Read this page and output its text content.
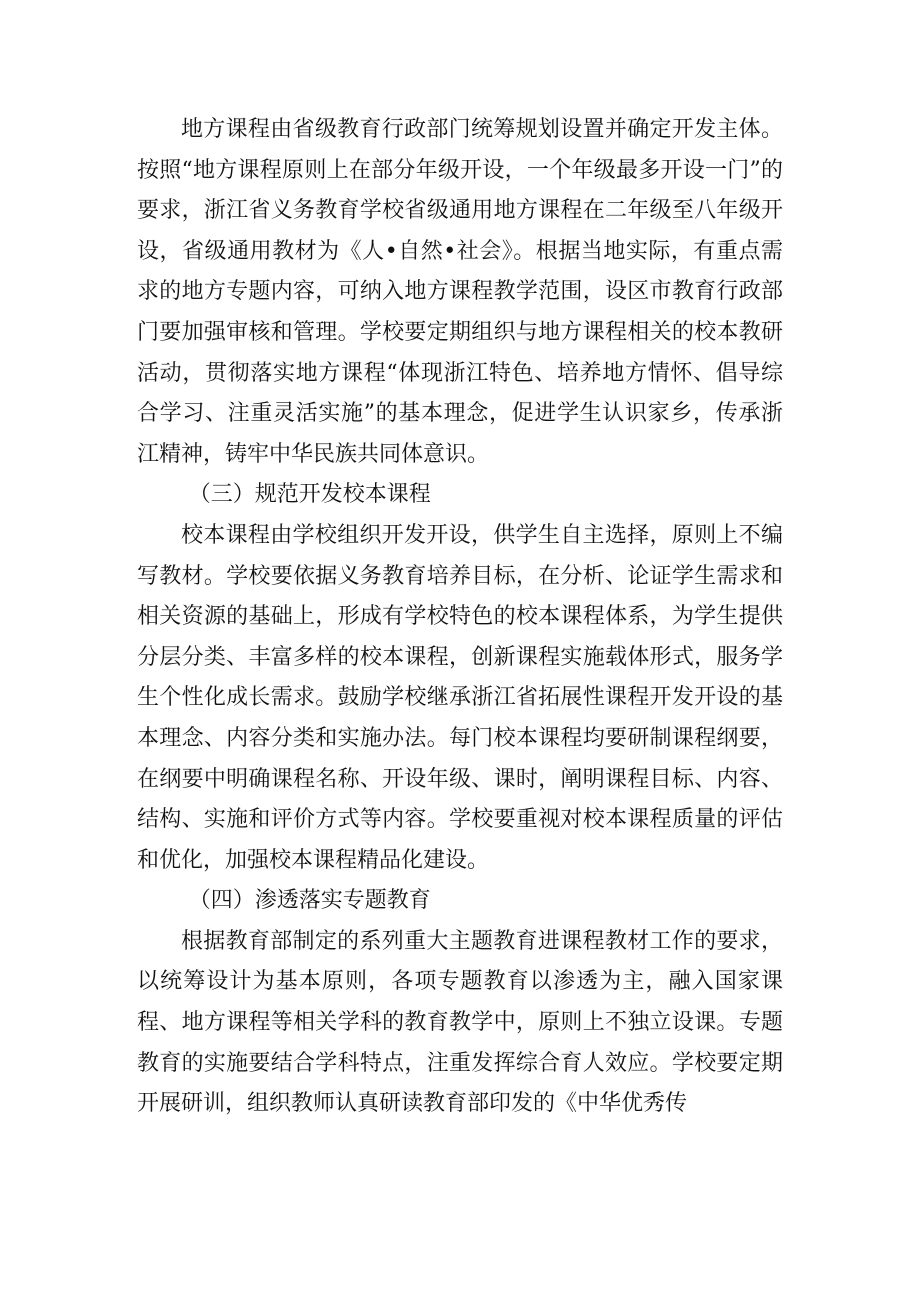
地方课程由省级教育行政部门统筹规划设置并确定开发主体。按照“地方课程原则上在部分年级开设，一个年级最多开设一门”的要求，浙江省义务教育学校省级通用地方课程在二年级至八年级开设，省级通用教材为《人•自然•社会》。根据当地实际，有重点需求的地方专题内容，可纳入地方课程教学范围，设区市教育行政部门要加强审核和管理。学校要定期组织与地方课程相关的校本教研活动，贯彻落实地方课程“体现浙江特色、培养地方情怀、倡导综合学习、注重灵活实施”的基本理念，促进学生认识家乡，传承浙江精神，铸牢中华民族共同体意识。

（三）规范开发校本课程

校本课程由学校组织开发开设，供学生自主选择，原则上不编写教材。学校要依据义务教育培养目标，在分析、论证学生需求和相关资源的基础上，形成有学校特色的校本课程体系，为学生提供分层分类、丰富多样的校本课程，创新课程实施载体形式，服务学生个性化成长需求。鼓励学校继承浙江省拓展性课程开发开设的基本理念、内容分类和实施办法。每门校本课程均要研制课程纲要，在纲要中明确课程名称、开设年级、课时，阐明课程目标、内容、结构、实施和评价方式等内容。学校要重视对校本课程质量的评估和优化，加强校本课程精品化建设。

（四）渗透落实专题教育

根据教育部制定的系列重大主题教育进课程教材工作的要求，以统筹设计为基本原则，各项专题教育以渗透为主，融入国家课程、地方课程等相关学科的教育教学中，原则上不独立设课。专题教育的实施要结合学科特点，注重发挥综合育人效应。学校要定期开展研训，组织教师认真研读教育部印发的《中华优秀传
